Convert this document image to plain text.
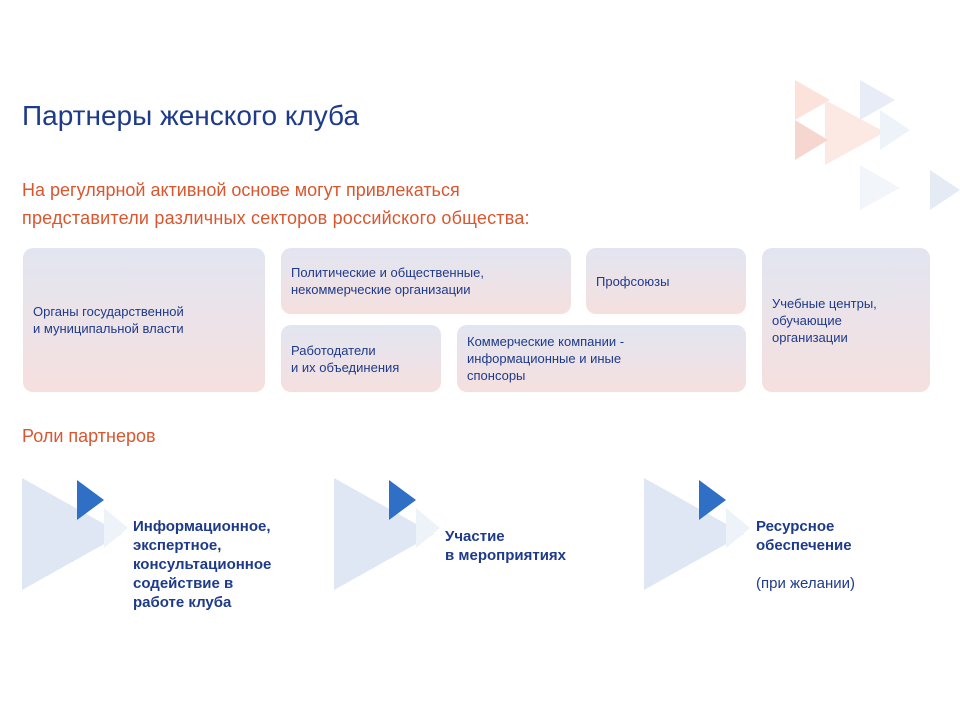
Партнеры женского клуба
На регулярной активной основе могут привлекаться
представители различных секторов российского общества:
Органы государственной
и муниципальной власти
Политические и общественные,
некоммерческие организации
Профсоюзы
Учебные центры,
обучающие
организации
Работодатели
и их объединения
Коммерческие компании -
информационные и иные
спонсоры
Роли партнеров

Информационное,
экспертное,
консультационное
содействие в
работе клуба

Участие
в мероприятиях

Ресурсное
обеспечение

(при желании)
